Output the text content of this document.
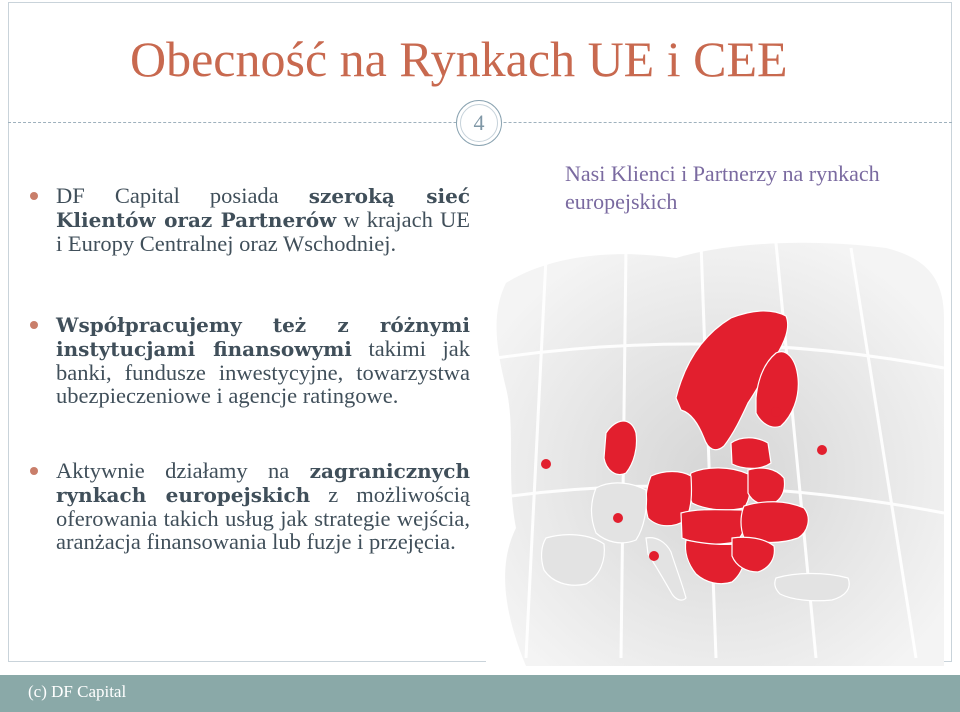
Obecność na Rynkach UE i CEE
4
DF Capital posiada szeroką sieć Klientów oraz Partnerów w krajach UE i Europy Centralnej oraz Wschodniej.
Współpracujemy też z różnymi instytucjami finansowymi takimi jak banki, fundusze inwestycyjne, towarzystwa ubezpieczeniowe i agencje ratingowe.
Aktywnie działamy na zagranicznych rynkach europejskich z możliwością oferowania takich usług jak strategie wejścia, aranżacja finansowania lub fuzje i przejęcia.
Nasi Klienci i Partnerzy na rynkach europejskich
(c) DF Capital
